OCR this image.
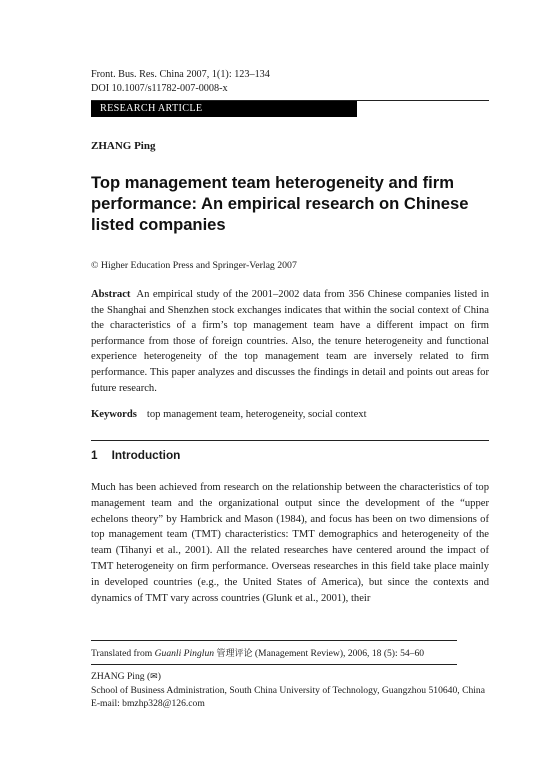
Front. Bus. Res. China 2007, 1(1): 123–134
DOI 10.1007/s11782-007-0008-x
RESEARCH ARTICLE
ZHANG Ping
Top management team heterogeneity and firm performance: An empirical research on Chinese listed companies
© Higher Education Press and Springer-Verlag 2007
Abstract An empirical study of the 2001–2002 data from 356 Chinese companies listed in the Shanghai and Shenzhen stock exchanges indicates that within the social context of China the characteristics of a firm’s top management team have a different impact on firm performance from those of foreign countries. Also, the tenure heterogeneity and functional experience heterogeneity of the top management team are inversely related to firm performance. This paper analyzes and discusses the findings in detail and points out areas for future research.
Keywords top management team, heterogeneity, social context
1 Introduction
Much has been achieved from research on the relationship between the characteristics of top management team and the organizational output since the development of the “upper echelons theory” by Hambrick and Mason (1984), and focus has been on two dimensions of top management team (TMT) characteristics: TMT demographics and heterogeneity of the team (Tihanyi et al., 2001). All the related researches have centered around the impact of TMT heterogeneity on firm performance. Overseas researches in this field take place mainly in developed countries (e.g., the United States of America), but since the contexts and dynamics of TMT vary across countries (Glunk et al., 2001), their
Translated from Guanli Pinglun 管理评论 (Management Review), 2006, 18 (5): 54–60
ZHANG Ping (✉)
School of Business Administration, South China University of Technology, Guangzhou 510640, China
E-mail: bmzhp328@126.com
